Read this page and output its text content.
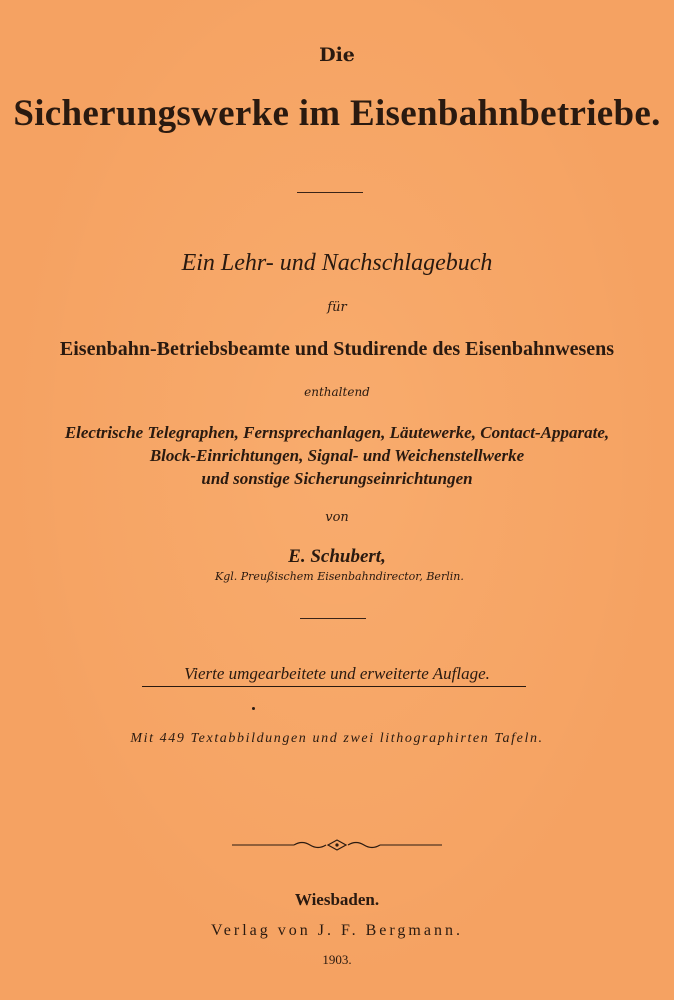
Die
Sicherungswerke im Eisenbahnbetriebe.
Ein Lehr- und Nachschlagebuch
für
Eisenbahn-Betriebsbeamte und Studirende des Eisenbahnwesens
enthaltend
Electrische Telegraphen, Fernsprechanlagen, Läutewerke, Contact-Apparate,
Block-Einrichtungen, Signal- und Weichenstellwerke
und sonstige Sicherungseinrichtungen
von
E. Schubert,
Kgl. Preußischem Eisenbahndirector, Berlin.
Vierte umgearbeitete und erweiterte Auflage.
Mit 449 Textabbildungen und zwei lithographirten Tafeln.
Wiesbaden.
Verlag von J. F. Bergmann.
1903.
